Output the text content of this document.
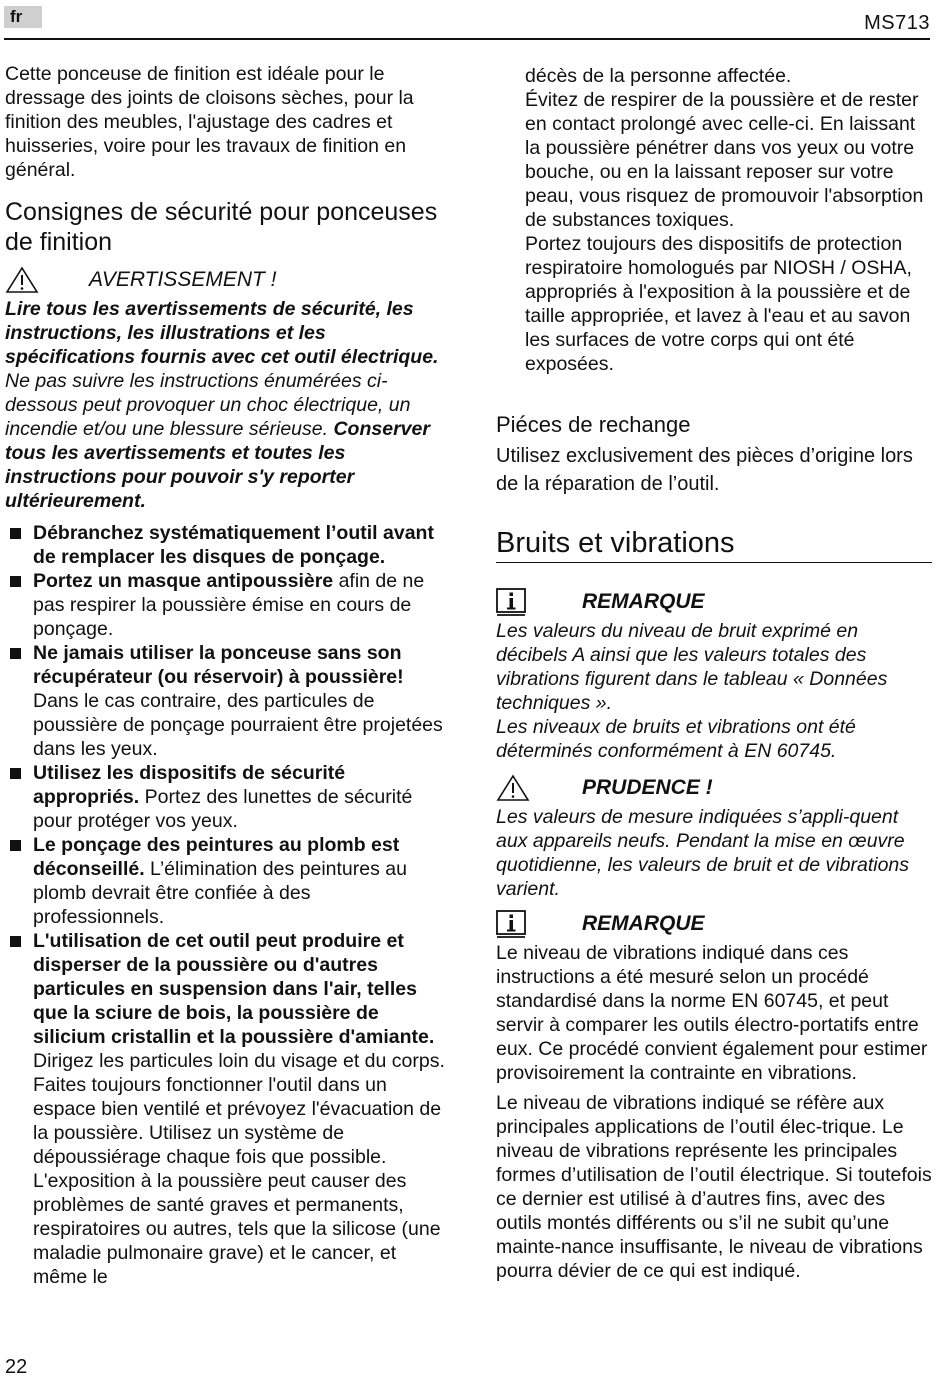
fr	MS713

Cette ponceuse de finition est idéale pour le dressage des joints de cloisons sèches, pour la finition des meubles, l'ajustage des cadres et huisseries, voire pour les travaux de finition en général.

Consignes de sécurité pour ponceuses de finition
AVERTISSEMENT !

Lire tous les avertissements de sécurité, les instructions, les illustrations et les spécifications fournis avec cet outil électrique. Ne pas suivre les instructions énumérées ci-dessous peut provoquer un choc électrique, un incendie et/ou une blessure sérieuse. Conserver tous les avertissements et toutes les instructions pour pouvoir s'y reporter ultérieurement.

Débranchez systématiquement l’outil avant de remplacer les disques de ponçage.
Portez un masque antipoussière afin de ne pas respirer la poussière émise en cours de ponçage.
Ne jamais utiliser la ponceuse sans son récupérateur (ou réservoir) à poussière! Dans le cas contraire, des particules de poussière de ponçage pourraient être projetées dans les yeux.
Utilisez les dispositifs de sécurité appropriés. Portez des lunettes de sécurité pour protéger vos yeux.
Le ponçage des peintures au plomb est déconseillé. L’élimination des peintures au plomb devrait être confiée à des professionnels.
L'utilisation de cet outil peut produire et disperser de la poussière ou d'autres particules en suspension dans l'air, telles que la sciure de bois, la poussière de silicium cristallin et la poussière d'amiante. Dirigez les particules loin du visage et du corps. Faites toujours fonctionner l'outil dans un espace bien ventilé et prévoyez l'évacuation de la poussière. Utilisez un système de dépoussiérage chaque fois que possible. L'exposition à la poussière peut causer des problèmes de santé graves et permanents, respiratoires ou autres, tels que la silicose (une maladie pulmonaire grave) et le cancer, et même le

décès de la personne affectée.

Évitez de respirer de la poussière et de rester en contact prolongé avec celle-ci. En laissant la poussière pénétrer dans vos yeux ou votre bouche, ou en la laissant reposer sur votre peau, vous risquez de promouvoir l'absorption de substances toxiques.

Portez toujours des dispositifs de protection respiratoire homologués par NIOSH / OSHA, appropriés à l'exposition à la poussière et de taille appropriée, et lavez à l'eau et au savon les surfaces de votre corps qui ont été exposées.

Piéces de rechange

Utilisez exclusivement des pièces d’origine lors de la réparation de l’outil.

Bruits et vibrations
REMARQUE

Les valeurs du niveau de bruit exprimé en décibels A ainsi que les valeurs totales des vibrations figurent dans le tableau « Données techniques ».

Les niveaux de bruits et vibrations ont été déterminés conformément à EN 60745.

PRUDENCE !

Les valeurs de mesure indiquées s’appli-quent aux appareils neufs. Pendant la mise en œuvre quotidienne, les valeurs de bruit et de vibrations varient.

REMARQUE

Le niveau de vibrations indiqué dans ces instructions a été mesuré selon un procédé standardisé dans la norme EN 60745, et peut servir à comparer les outils électro-portatifs entre eux. Ce procédé convient également pour estimer provisoirement la contrainte en vibrations.

Le niveau de vibrations indiqué se réfère aux principales applications de l’outil élec-trique. Le niveau de vibrations représente les principales formes d’utilisation de l’outil électrique. Si toutefois ce dernier est utilisé à d’autres fins, avec des outils montés différents ou s’il ne subit qu’une mainte-nance insuffisante, le niveau de vibrations pourra dévier de ce qui est indiqué.

22
